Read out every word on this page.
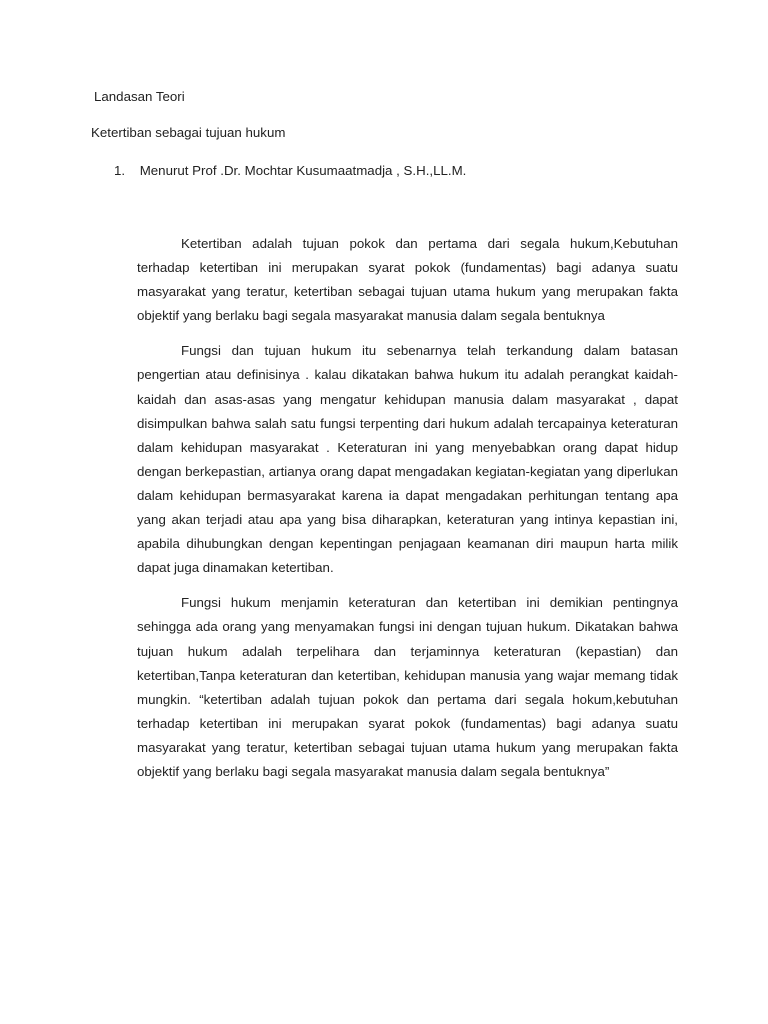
Landasan Teori
Ketertiban sebagai tujuan hukum
1. Menurut Prof .Dr. Mochtar Kusumaatmadja , S.H.,LL.M.

Ketertiban adalah tujuan pokok dan pertama dari segala hukum,Kebutuhan terhadap ketertiban ini merupakan syarat pokok (fundamentas) bagi adanya suatu masyarakat yang teratur, ketertiban sebagai tujuan utama hukum yang merupakan fakta objektif yang berlaku bagi segala masyarakat manusia dalam segala bentuknya

Fungsi dan tujuan hukum itu sebenarnya telah terkandung dalam batasan pengertian atau definisinya . kalau dikatakan bahwa hukum itu adalah perangkat kaidah-kaidah dan asas-asas yang mengatur kehidupan manusia dalam masyarakat , dapat disimpulkan bahwa salah satu fungsi terpenting dari hukum adalah tercapainya keteraturan dalam kehidupan masyarakat . Keteraturan ini yang menyebabkan orang dapat hidup dengan berkepastian, artianya orang dapat mengadakan kegiatan-kegiatan yang diperlukan dalam kehidupan bermasyarakat karena ia dapat mengadakan perhitungan tentang apa yang akan terjadi atau apa yang bisa diharapkan, keteraturan yang intinya kepastian ini, apabila dihubungkan dengan kepentingan penjagaan keamanan diri maupun harta milik dapat juga dinamakan ketertiban.

Fungsi hukum menjamin keteraturan dan ketertiban ini demikian pentingnya sehingga ada orang yang menyamakan fungsi ini dengan tujuan hukum. Dikatakan bahwa tujuan hukum adalah terpelihara dan terjaminnya keteraturan (kepastian) dan ketertiban,Tanpa keteraturan dan ketertiban, kehidupan manusia yang wajar memang tidak mungkin. “ketertiban adalah tujuan pokok dan pertama dari segala hokum,kebutuhan terhadap ketertiban ini merupakan syarat pokok (fundamentas) bagi adanya suatu masyarakat yang teratur, ketertiban sebagai tujuan utama hukum yang merupakan fakta objektif yang berlaku bagi segala masyarakat manusia dalam segala bentuknya”
